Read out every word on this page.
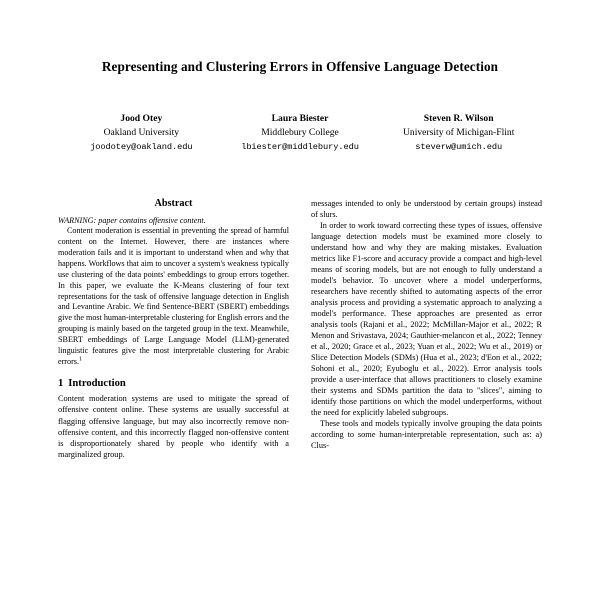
Representing and Clustering Errors in Offensive Language Detection
Jood Otey
Oakland University
joodotey@oakland.edu
Laura Biester
Middlebury College
lbiester@middlebury.edu
Steven R. Wilson
University of Michigan-Flint
steverw@umich.edu
Abstract

WARNING: paper contains offensive content.

Content moderation is essential in preventing the spread of harmful content on the Internet. However, there are instances where moderation fails and it is important to understand when and why that happens. Workflows that aim to uncover a system's weakness typically use clustering of the data points' embeddings to group errors together. In this paper, we evaluate the K-Means clustering of four text representations for the task of offensive language detection in English and Levantine Arabic. We find Sentence-BERT (SBERT) embeddings give the most human-interpretable clustering for English errors and the grouping is mainly based on the targeted group in the text. Meanwhile, SBERT embeddings of Large Language Model (LLM)-generated linguistic features give the most interpretable clustering for Arabic errors.$^1$

1 Introduction

Content moderation systems are used to mitigate the spread of offensive content online. These systems are usually successful at flagging offensive language, but may also incorrectly remove non-offensive content, and this incorrectly flagged non-offensive content is disproportionately shared by people who identify with a marginalized group.

messages intended to only be understood by certain groups) instead of slurs.

In order to work toward correcting these types of issues, offensive language detection models must be examined more closely to understand how and why they are making mistakes. Evaluation metrics like F1-score and accuracy provide a compact and high-level means of scoring models, but are not enough to fully understand a model's behavior. To uncover where a model underperforms, researchers have recently shifted to automating aspects of the error analysis process and providing a systematic approach to analyzing a model's performance. These approaches are presented as error analysis tools (Rajani et al., 2022; McMillan-Major et al., 2022; R Menon and Srivastava, 2024; Gauthier-melancon et al., 2022; Tenney et al., 2020; Grace et al., 2023; Yuan et al., 2022; Wu et al., 2019) or Slice Detection Models (SDMs) (Hua et al., 2023; d'Eon et al., 2022; Sohoni et al., 2020; Eyuboglu et al., 2022). Error analysis tools provide a user-interface that allows practitioners to closely examine their systems and SDMs partition the data to "slices", aiming to identify those partitions on which the model underperforms, without the need for explicitly labeled subgroups.

These tools and models typically involve grouping the data points according to some human-interpretable representation, such as: a) Clus-
